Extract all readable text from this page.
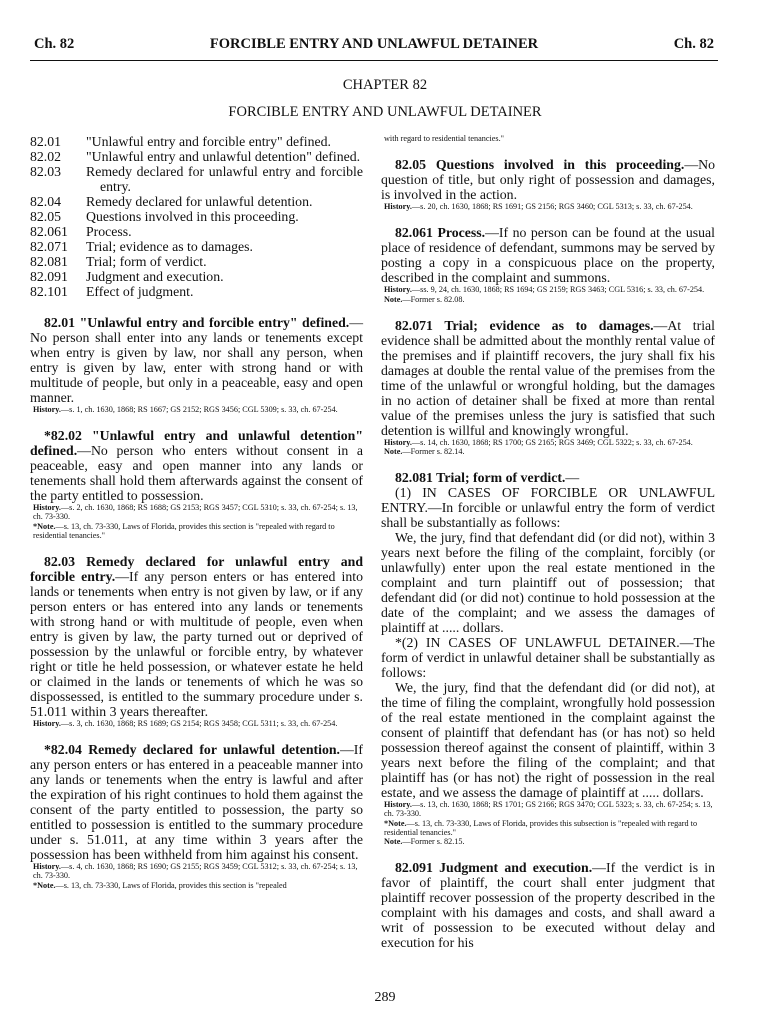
Ch. 82	FORCIBLE ENTRY AND UNLAWFUL DETAINER	Ch. 82
CHAPTER 82
FORCIBLE ENTRY AND UNLAWFUL DETAINER
82.01	"Unlawful entry and forcible entry" defined.
82.02	"Unlawful entry and unlawful detention" defined.
82.03	Remedy declared for unlawful entry and forcible entry.
82.04	Remedy declared for unlawful detention.
82.05	Questions involved in this proceeding.
82.061	Process.
82.071	Trial; evidence as to damages.
82.081	Trial; form of verdict.
82.091	Judgment and execution.
82.101	Effect of judgment.

82.01 "Unlawful entry and forcible entry" defined.—No person shall enter into any lands or tenements except when entry is given by law, nor shall any person, when entry is given by law, enter with strong hand or with multitude of people, but only in a peaceable, easy and open manner.

History.—s. 1, ch. 1630, 1868; RS 1667; GS 2152; RGS 3456; CGL 5309; s. 33, ch. 67-254.

*82.02 "Unlawful entry and unlawful detention" defined.—No person who enters without consent in a peaceable, easy and open manner into any lands or tenements shall hold them afterwards against the consent of the party entitled to possession.

History.—s. 2, ch. 1630, 1868; RS 1688; GS 2153; RGS 3457; CGL 5310; s. 33, ch. 67-254; s. 13, ch. 73-330.

*Note.—s. 13, ch. 73-330, Laws of Florida, provides this section is "repealed with regard to residential tenancies."

82.03 Remedy declared for unlawful entry and forcible entry.—If any person enters or has entered into lands or tenements when entry is not given by law, or if any person enters or has entered into any lands or tenements with strong hand or with multitude of people, even when entry is given by law, the party turned out or deprived of possession by the unlawful or forcible entry, by whatever right or title he held possession, or whatever estate he held or claimed in the lands or tenements of which he was so dispossessed, is entitled to the summary procedure under s. 51.011 within 3 years thereafter.

History.—s. 3, ch. 1630, 1868; RS 1689; GS 2154; RGS 3458; CGL 5311; s. 33, ch. 67-254.

*82.04 Remedy declared for unlawful detention.—If any person enters or has entered in a peaceable manner into any lands or tenements when the entry is lawful and after the expiration of his right continues to hold them against the consent of the party entitled to possession, the party so entitled to possession is entitled to the summary procedure under s. 51.011, at any time within 3 years after the possession has been withheld from him against his consent.

History.—s. 4, ch. 1630, 1868; RS 1690; GS 2155; RGS 3459; CGL 5312; s. 33, ch. 67-254; s. 13, ch. 73-330.

*Note.—s. 13, ch. 73-330, Laws of Florida, provides this section is "repealed

with regard to residential tenancies."

82.05 Questions involved in this proceeding.—No question of title, but only right of possession and damages, is involved in the action.

History.—s. 20, ch. 1630, 1868; RS 1691; GS 2156; RGS 3460; CGL 5313; s. 33, ch. 67-254.

82.061 Process.—If no person can be found at the usual place of residence of defendant, summons may be served by posting a copy in a conspicuous place on the property, described in the complaint and summons.

History.—ss. 9, 24, ch. 1630, 1868; RS 1694; GS 2159; RGS 3463; CGL 5316; s. 33, ch. 67-254.

Note.—Former s. 82.08.

82.071 Trial; evidence as to damages.—At trial evidence shall be admitted about the monthly rental value of the premises and if plaintiff recovers, the jury shall fix his damages at double the rental value of the premises from the time of the unlawful or wrongful holding, but the damages in no action of detainer shall be fixed at more than rental value of the premises unless the jury is satisfied that such detention is willful and knowingly wrongful.

History.—s. 14, ch. 1630, 1868; RS 1700; GS 2165; RGS 3469; CGL 5322; s. 33, ch. 67-254.

Note.—Former s. 82.14.

82.081 Trial; form of verdict.—

(1) IN CASES OF FORCIBLE OR UNLAWFUL ENTRY.—In forcible or unlawful entry the form of verdict shall be substantially as follows:

We, the jury, find that defendant did (or did not), within 3 years next before the filing of the complaint, forcibly (or unlawfully) enter upon the real estate mentioned in the complaint and turn plaintiff out of possession; that defendant did (or did not) continue to hold possession at the date of the complaint; and we assess the damages of plaintiff at ..... dollars.

*(2) IN CASES OF UNLAWFUL DETAINER.—The form of verdict in unlawful detainer shall be substantially as follows:

We, the jury, find that the defendant did (or did not), at the time of filing the complaint, wrongfully hold possession of the real estate mentioned in the complaint against the consent of plaintiff that defendant has (or has not) so held possession thereof against the consent of plaintiff, within 3 years next before the filing of the complaint; and that plaintiff has (or has not) the right of possession in the real estate, and we assess the damage of plaintiff at ..... dollars.

History.—s. 13, ch. 1630, 1868; RS 1701; GS 2166; RGS 3470; CGL 5323; s. 33, ch. 67-254; s. 13, ch. 73-330.

*Note.—s. 13, ch. 73-330, Laws of Florida, provides this subsection is "repealed with regard to residential tenancies."

Note.—Former s. 82.15.

82.091 Judgment and execution.—If the verdict is in favor of plaintiff, the court shall enter judgment that plaintiff recover possession of the property described in the complaint with his damages and costs, and shall award a writ of possession to be executed without delay and execution for his

289
